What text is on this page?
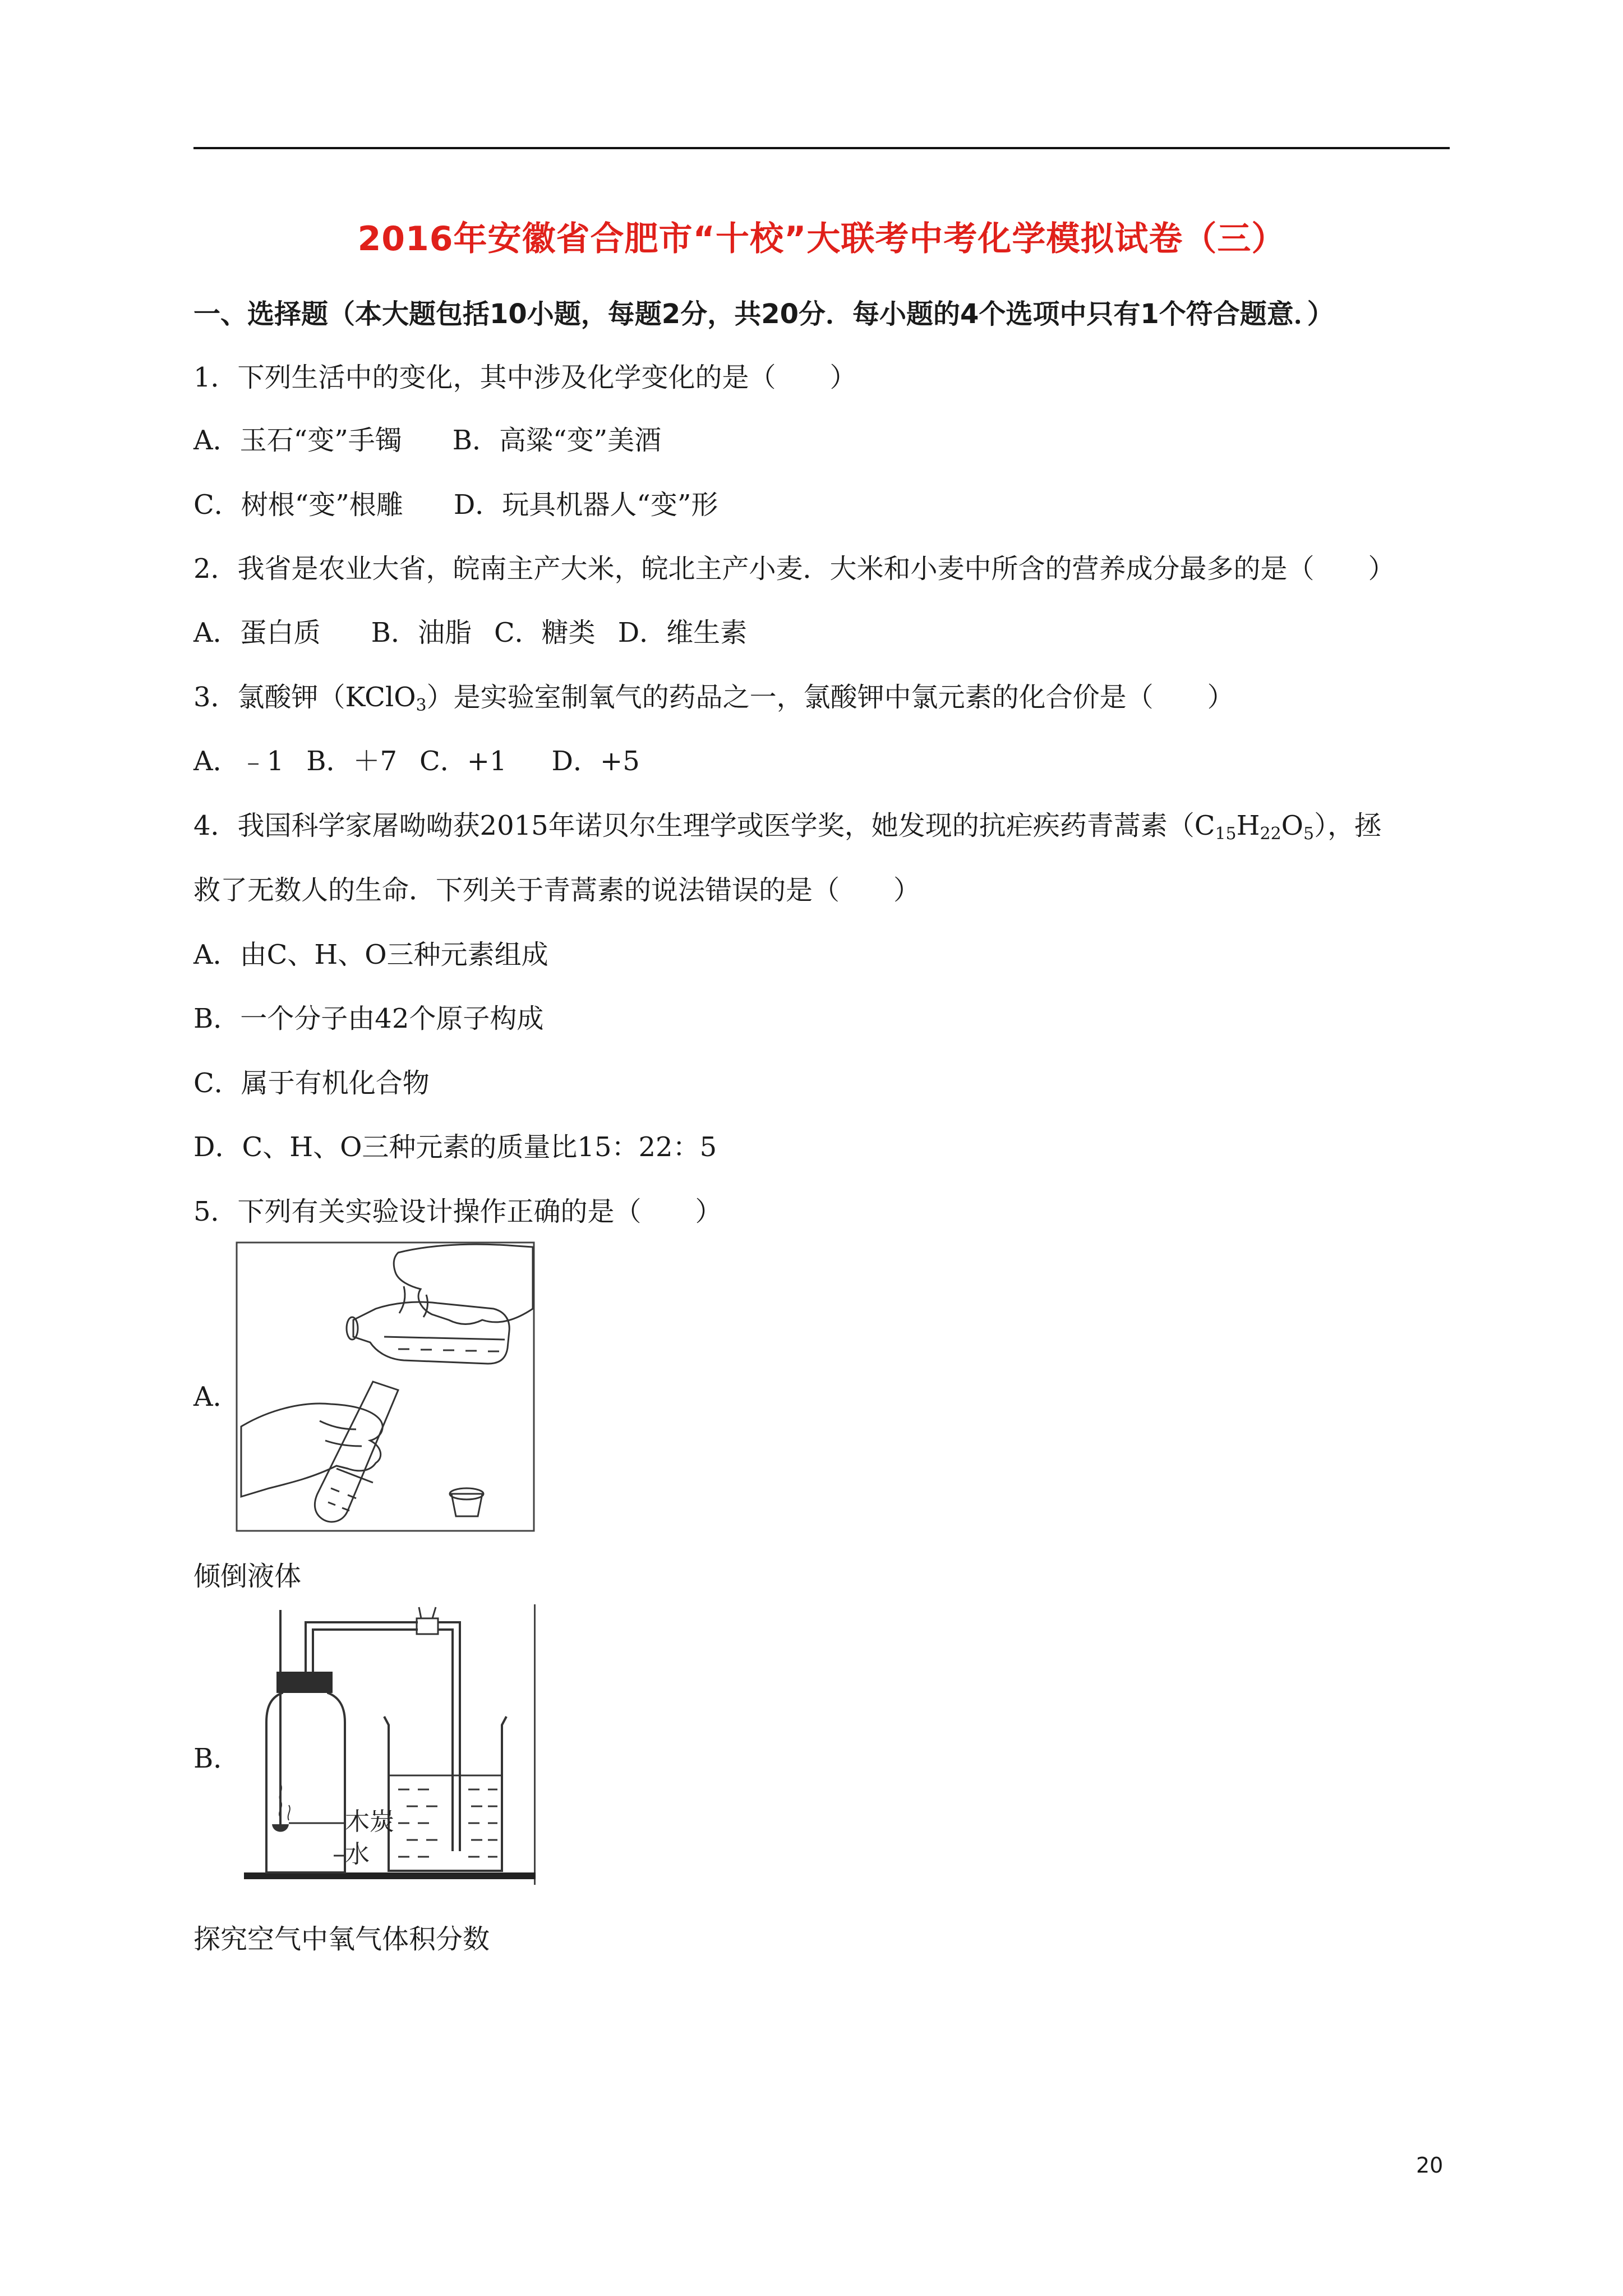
2016年安徽省合肥市“十校”大联考中考化学模拟试卷（三）
一、选择题（本大题包括10小题，每题2分，共20分．每小题的4个选项中只有1个符合题意．）
1．下列生活中的变化，其中涉及化学变化的是（　　）
A．玉石“变”手镯 B．高粱“变”美酒
C．树根“变”根雕 D．玩具机器人“变”形
2．我省是农业大省，皖南主产大米，皖北主产小麦．大米和小麦中所含的营养成分最多的是（　　）
A．蛋白质 B．油脂 C．糖类 D．维生素
3．氯酸钾（KClO$_3$）是实验室制氧气的药品之一，氯酸钾中氯元素的化合价是（　　）
A．﹣1 B．＋7 C．+1 D．+5
4．我国科学家屠呦呦获2015年诺贝尔生理学或医学奖，她发现的抗疟疾药青蒿素$(C_{15}H_{22}O_5)$，拯
救了无数人的生命．下列关于青蒿素的说法错误的是（　　）
A．由C、H、O三种元素组成
B．一个分子由42个原子构成
C．属于有机化合物
D．C、H、O三种元素的质量比15：22：5
5．下列有关实验设计操作正确的是（　　）
A．
倾倒液体
B．
木炭
水
探究空气中氧气体积分数
20
